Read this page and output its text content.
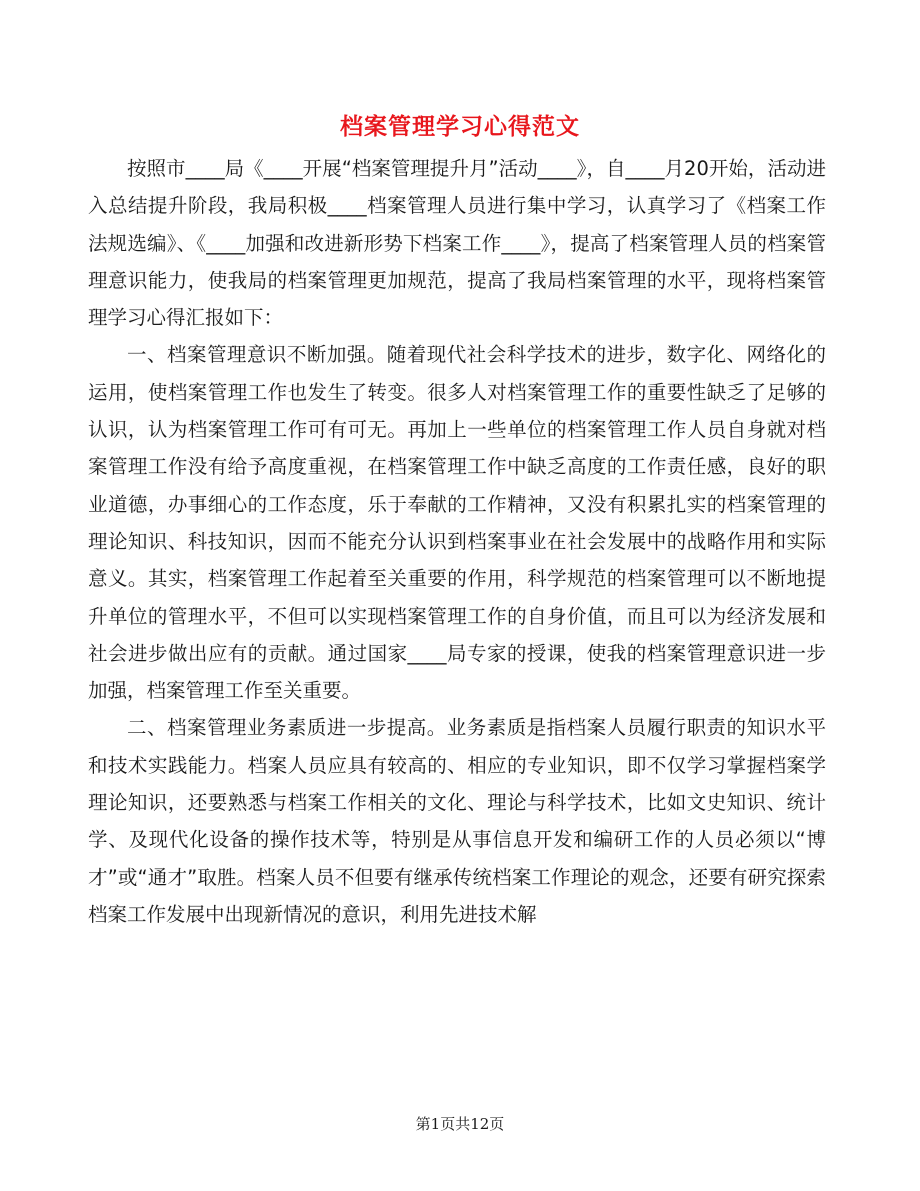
档案管理学习心得范文

按照市____局《____开展“档案管理提升月”活动____》，自____月20开始，活动进入总结提升阶段，我局积极____档案管理人员进行集中学习，认真学习了《档案工作法规选编》、《____加强和改进新形势下档案工作____》，提高了档案管理人员的档案管理意识能力，使我局的档案管理更加规范，提高了我局档案管理的水平，现将档案管理学习心得汇报如下：

一、档案管理意识不断加强。随着现代社会科学技术的进步，数字化、网络化的运用，使档案管理工作也发生了转变。很多人对档案管理工作的重要性缺乏了足够的认识，认为档案管理工作可有可无。再加上一些单位的档案管理工作人员自身就对档案管理工作没有给予高度重视，在档案管理工作中缺乏高度的工作责任感，良好的职业道德，办事细心的工作态度，乐于奉献的工作精神，又没有积累扎实的档案管理的理论知识、科技知识，因而不能充分认识到档案事业在社会发展中的战略作用和实际意义。其实，档案管理工作起着至关重要的作用，科学规范的档案管理可以不断地提升单位的管理水平，不但可以实现档案管理工作的自身价值，而且可以为经济发展和社会进步做出应有的贡献。通过国家____局专家的授课，使我的档案管理意识进一步加强，档案管理工作至关重要。

二、档案管理业务素质进一步提高。业务素质是指档案人员履行职责的知识水平和技术实践能力。档案人员应具有较高的、相应的专业知识，即不仅学习掌握档案学理论知识，还要熟悉与档案工作相关的文化、理论与科学技术，比如文史知识、统计学、及现代化设备的操作技术等，特别是从事信息开发和编研工作的人员必须以“博才”或“通才”取胜。档案人员不但要有继承传统档案工作理论的观念，还要有研究探索档案工作发展中出现新情况的意识，利用先进技术解

第1页共12页
